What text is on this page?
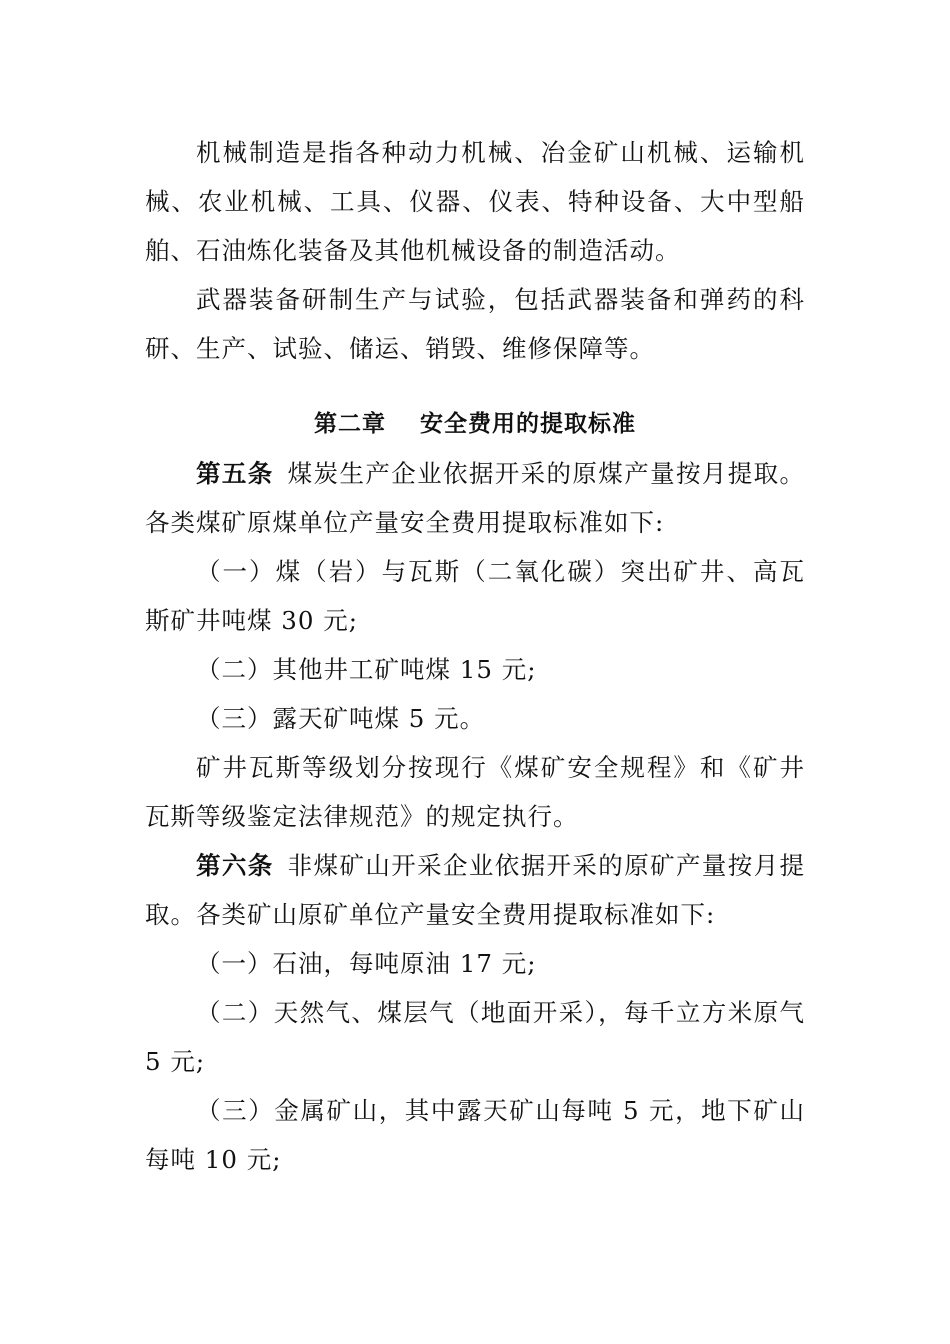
机械制造是指各种动力机械、冶金矿山机械、运输机械、农业机械、工具、仪器、仪表、特种设备、大中型船舶、石油炼化装备及其他机械设备的制造活动。

武器装备研制生产与试验，包括武器装备和弹药的科研、生产、试验、储运、销毁、维修保障等。

第二章 安全费用的提取标准

第五条 煤炭生产企业依据开采的原煤产量按月提取。各类煤矿原煤单位产量安全费用提取标准如下:

（一）煤（岩）与瓦斯（二氧化碳）突出矿井、高瓦斯矿井吨煤 30 元;

（二）其他井工矿吨煤 15 元;

（三）露天矿吨煤 5 元。

矿井瓦斯等级划分按现行《煤矿安全规程》和《矿井瓦斯等级鉴定法律规范》的规定执行。

第六条 非煤矿山开采企业依据开采的原矿产量按月提取。各类矿山原矿单位产量安全费用提取标准如下:

（一）石油，每吨原油 17 元;

（二）天然气、煤层气（地面开采），每千立方米原气 5 元;

（三）金属矿山，其中露天矿山每吨 5 元，地下矿山每吨 10 元;
